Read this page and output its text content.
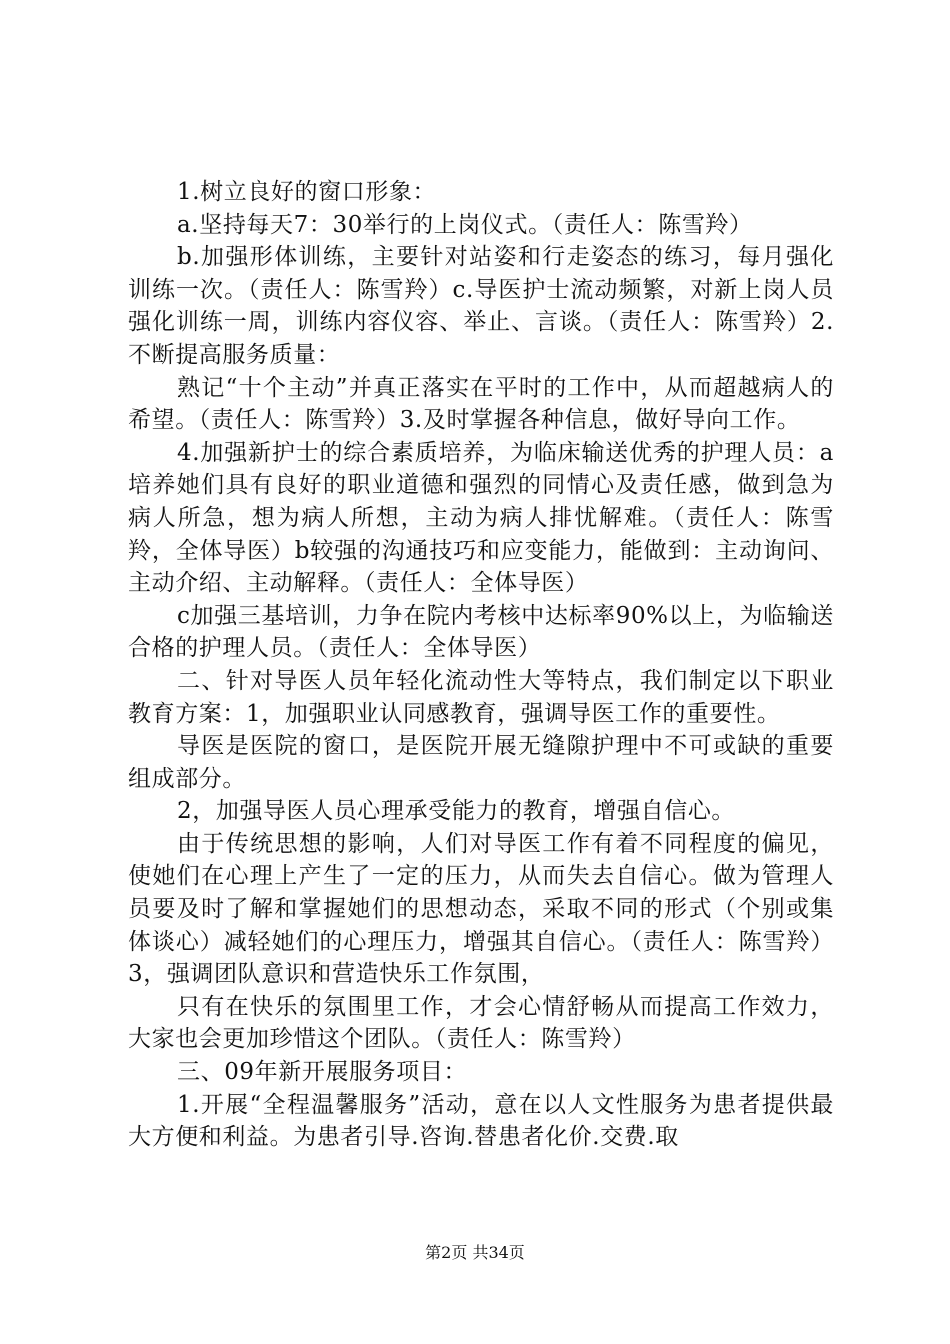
1.树立良好的窗口形象：

a.坚持每天7：30举行的上岗仪式。（责任人：陈雪羚）

b.加强形体训练，主要针对站姿和行走姿态的练习，每月强化训练一次。（责任人：陈雪羚）c.导医护士流动频繁，对新上岗人员强化训练一周，训练内容仪容、举止、言谈。（责任人：陈雪羚）2.不断提高服务质量：

熟记“十个主动”并真正落实在平时的工作中，从而超越病人的希望。（责任人：陈雪羚）3.及时掌握各种信息，做好导向工作。

4.加强新护士的综合素质培养，为临床输送优秀的护理人员：a培养她们具有良好的职业道德和强烈的同情心及责任感，做到急为病人所急，想为病人所想，主动为病人排忧解难。（责任人：陈雪羚，全体导医）b较强的沟通技巧和应变能力，能做到：主动询问、主动介绍、主动解释。（责任人：全体导医）

c加强三基培训，力争在院内考核中达标率90%以上，为临输送合格的护理人员。（责任人：全体导医）

二、针对导医人员年轻化流动性大等特点，我们制定以下职业教育方案：1，加强职业认同感教育，强调导医工作的重要性。

导医是医院的窗口，是医院开展无缝隙护理中不可或缺的重要组成部分。

2，加强导医人员心理承受能力的教育，增强自信心。

由于传统思想的影响，人们对导医工作有着不同程度的偏见，使她们在心理上产生了一定的压力，从而失去自信心。做为管理人员要及时了解和掌握她们的思想动态，采取不同的形式（个别或集体谈心）减轻她们的心理压力，增强其自信心。（责任人：陈雪羚）3，强调团队意识和营造快乐工作氛围，

只有在快乐的氛围里工作，才会心情舒畅从而提高工作效力，大家也会更加珍惜这个团队。（责任人：陈雪羚）

三、09年新开展服务项目：

1.开展“全程温馨服务”活动，意在以人文性服务为患者提供最大方便和利益。为患者引导.咨询.替患者化价.交费.取

第2页 共34页
